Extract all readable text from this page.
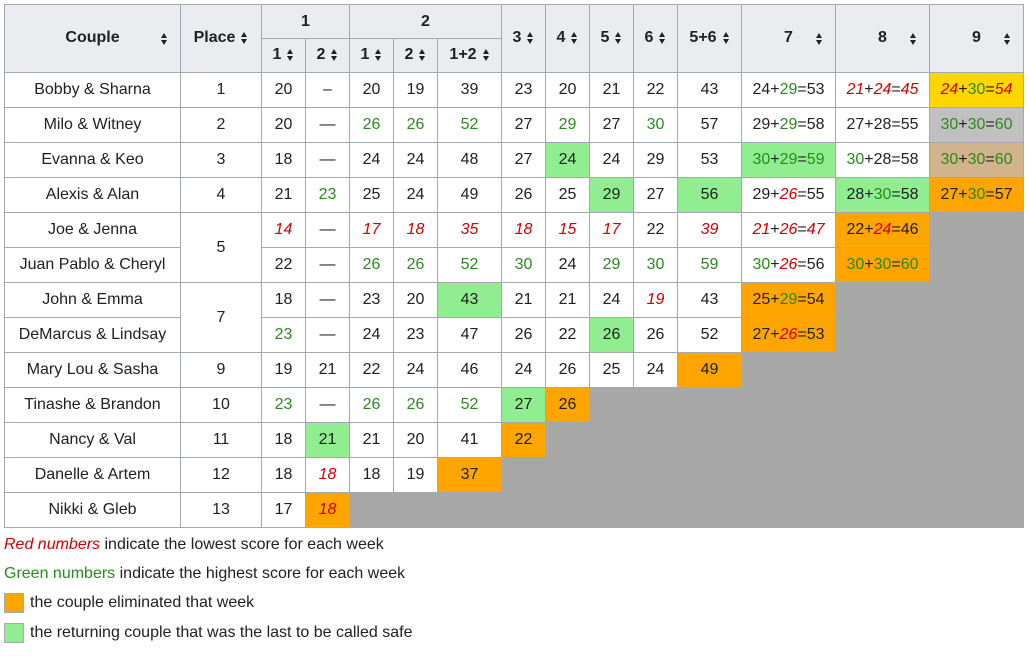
Couple	Place	1		2			3	4	5	6	5+6	7	8	9

		1	2	1	2	1+2								
Bobby & Sharna	1	20	–	20	19	39	23	20	21	22	43	24+29=53	21+24=45	24+30=54
Milo & Witney	2	20	—	26	26	52	27	29	27	30	57	29+29=58	27+28=55	30+30=60
Evanna & Keo	3	18	—	24	24	48	27	24	24	29	53	30+29=59	30+28=58	30+30=60
Alexis & Alan	4	21	23	25	24	49	26	25	29	27	56	29+26=55	28+30=58	27+30=57
Joe & Jenna	5	14	—	17	18	35	18	15	17	22	39	21+26=47	22+24=46	
Juan Pablo & Cheryl		22	—	26	26	52	30	24	29	30	59	30+26=56	30+30=60	
John & Emma	7	18	—	23	20	43	21	21	24	19	43	25+29=54		
DeMarcus & Lindsay		23	—	24	23	47	26	22	26	26	52	27+26=53		
Mary Lou & Sasha	9	19	21	22	24	46	24	26	25	24	49			
Tinashe & Brandon	10	23	—	26	26	52	27	26						
Nancy & Val	11	18	21	21	20	41	22							
Danelle & Artem	12	18	18	18	19	37								
Nikki & Gleb	13	17	18											
Red numbers indicate the lowest score for each week
Green numbers indicate the highest score for each week
the couple eliminated that week
the returning couple that was the last to be called safe
